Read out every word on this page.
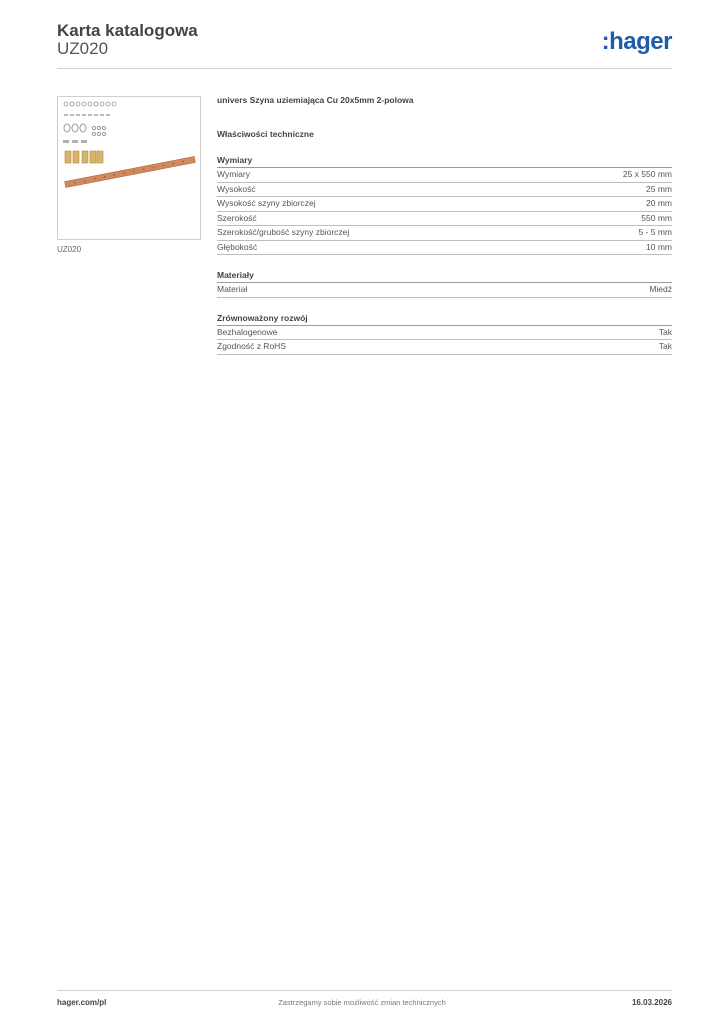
Karta katalogowa
UZ020	:hager
UZ020
univers Szyna uziemiająca Cu 20x5mm 2-polowa
Właściwości techniczne
Wymiary
Wymiary	25 x 550 mm
Wysokość	25 mm
Wysokość szyny zbiorczej	20 mm
Szerokość	550 mm
Szerokość/grubość szyny zbiorczej	5 - 5 mm
Głębokość	10 mm
Materiały
Materiał	Miedź
Zrównoważony rozwój
Bezhalogenowe	Tak
Zgodność z RoHS	Tak
hager.com/pl	Zastrzegamy sobie możliwość zmian technicznych	16.03.2026
